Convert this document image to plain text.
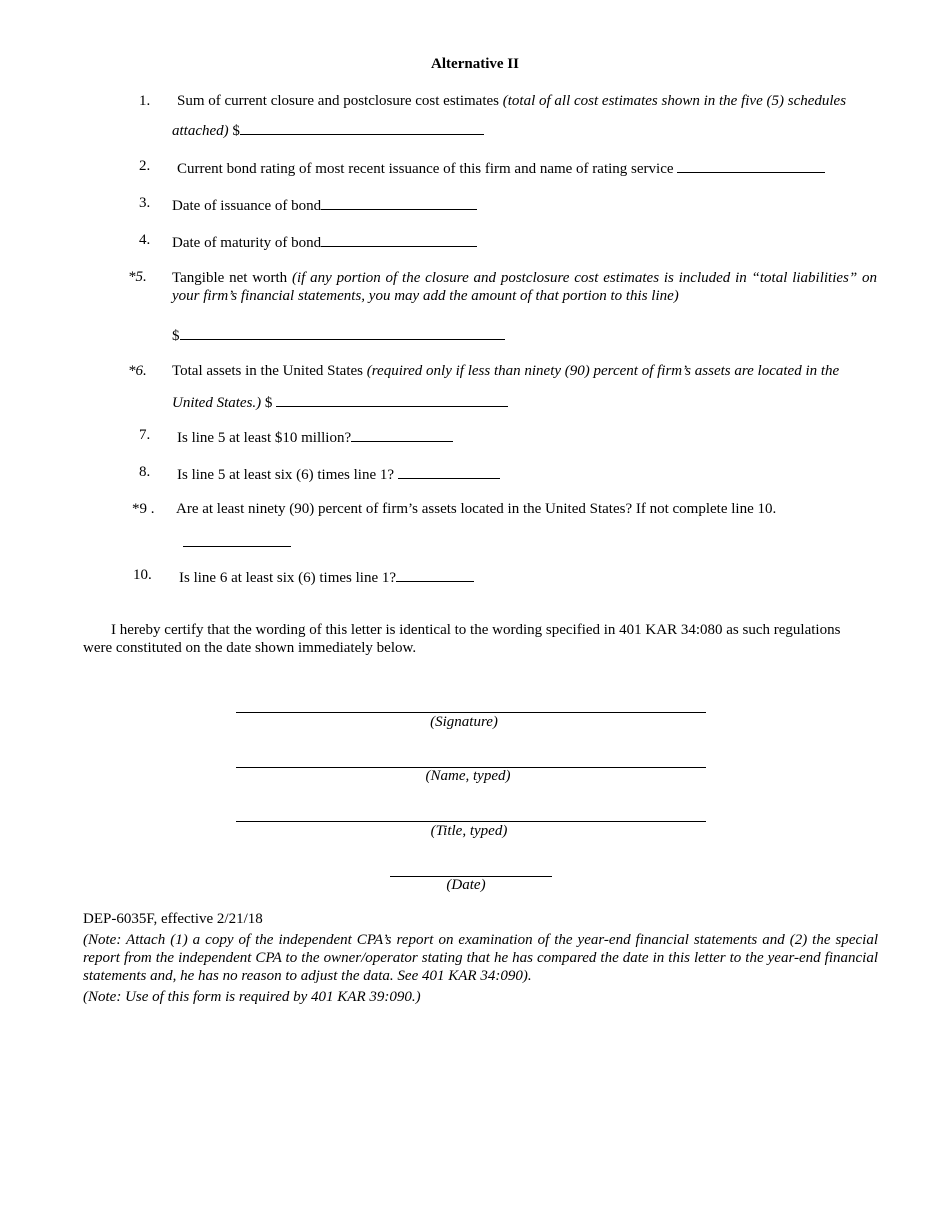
Alternative II
1. Sum of current closure and postclosure cost estimates (total of all cost estimates shown in the five (5) schedules
attached) $
2. Current bond rating of most recent issuance of this firm and name of rating service
3. Date of issuance of bond
4. Date of maturity of bond
*5. Tangible net worth (if any portion of the closure and postclosure cost estimates is included in “total liabilities” on your firm’s financial statements, you may add the amount of that portion to this line)
$
*6. Total assets in the United States (required only if less than ninety (90) percent of firm’s assets are located in the
United States.) $
7. Is line 5 at least $10 million?
8. Is line 5 at least six (6) times line 1?
*9 . Are at least ninety (90) percent of firm’s assets located in the United States? If not complete line 10.
10. Is line 6 at least six (6) times line 1?
I hereby certify that the wording of this letter is identical to the wording specified in 401 KAR 34:080 as such regulations were constituted on the date shown immediately below.
(Signature)
(Name, typed)
(Title, typed)
(Date)
DEP-6035F, effective 2/21/18
(Note: Attach (1) a copy of the independent CPA’s report on examination of the year-end financial statements and (2) the special report from the independent CPA to the owner/operator stating that he has compared the date in this letter to the year-end financial statements and, he has no reason to adjust the data. See 401 KAR 34:090).
(Note: Use of this form is required by 401 KAR 39:090.)
